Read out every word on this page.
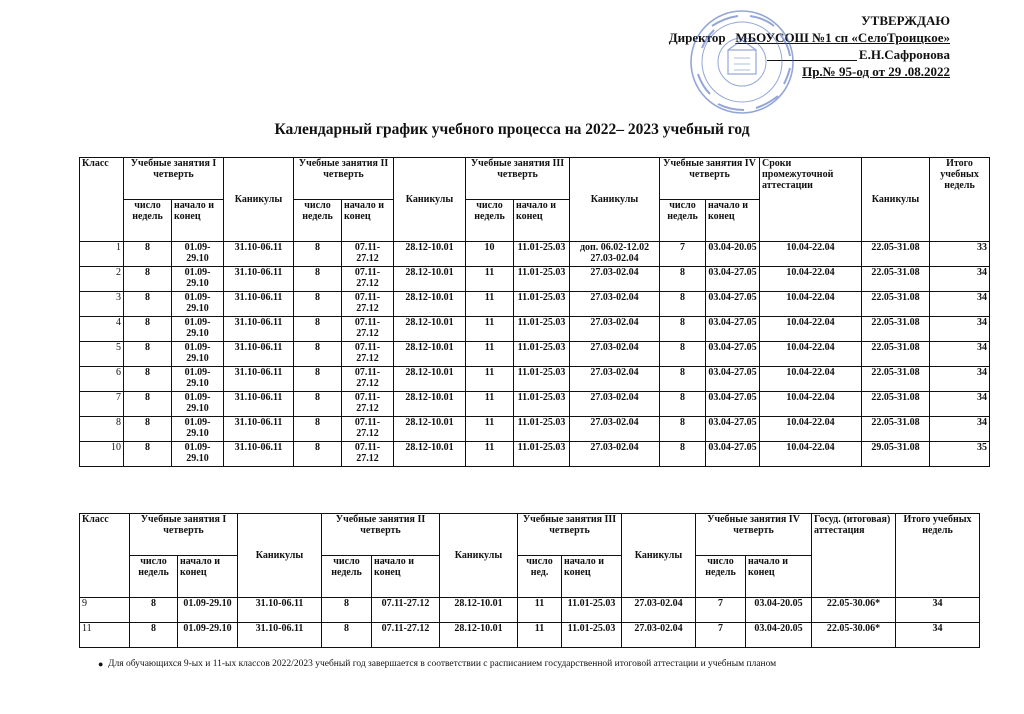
УТВЕРЖДАЮ
Директор МБОУСОШ №1 сп «СелоТроицкое»
Е.Н.Сафронова
Пр.№ 95-од от 29 .08.2022
Календарный график учебного процесса на 2022– 2023 учебный год
Класс	Учебные занятия I четверть		Каникулы	Учебные занятия II четверть		Каникулы	Учебные занятия III четверть		Каникулы	Учебные занятия IV четверть		Сроки промежуточной аттестации	Каникулы	Итого учебных недель
	число недель	начало и конец		число недель	начало и конец		число недель	начало и конец		число недель	начало и конец			
1	8	01.09-29.10	31.10-06.11	8	07.11-27.12	28.12-10.01	10	11.01-25.03	доп. 06.02-12.02 27.03-02.04	7	03.04-20.05	10.04-22.04	22.05-31.08	33
2	8	01.09-29.10	31.10-06.11	8	07.11-27.12	28.12-10.01	11	11.01-25.03	27.03-02.04	8	03.04-27.05	10.04-22.04	22.05-31.08	34
3	8	01.09-29.10	31.10-06.11	8	07.11-27.12	28.12-10.01	11	11.01-25.03	27.03-02.04	8	03.04-27.05	10.04-22.04	22.05-31.08	34
4	8	01.09-29.10	31.10-06.11	8	07.11-27.12	28.12-10.01	11	11.01-25.03	27.03-02.04	8	03.04-27.05	10.04-22.04	22.05-31.08	34
5	8	01.09-29.10	31.10-06.11	8	07.11-27.12	28.12-10.01	11	11.01-25.03	27.03-02.04	8	03.04-27.05	10.04-22.04	22.05-31.08	34
6	8	01.09-29.10	31.10-06.11	8	07.11-27.12	28.12-10.01	11	11.01-25.03	27.03-02.04	8	03.04-27.05	10.04-22.04	22.05-31.08	34
7	8	01.09-29.10	31.10-06.11	8	07.11-27.12	28.12-10.01	11	11.01-25.03	27.03-02.04	8	03.04-27.05	10.04-22.04	22.05-31.08	34
8	8	01.09-29.10	31.10-06.11	8	07.11-27.12	28.12-10.01	11	11.01-25.03	27.03-02.04	8	03.04-27.05	10.04-22.04	22.05-31.08	34
10	8	01.09-29.10	31.10-06.11	8	07.11-27.12	28.12-10.01	11	11.01-25.03	27.03-02.04	8	03.04-27.05	10.04-22.04	29.05-31.08	35
Класс	Учебные занятия I четверть		Каникулы	Учебные занятия II четверть		Каникулы	Учебные занятия III четверть		Каникулы	Учебные занятия IV четверть		Госуд. (итоговая) аттестация	Итого учебных недель
	число недель	начало и конец		число недель	начало и конец		число нед.	начало и конец		число недель	начало и конец		
9	8	01.09-29.10	31.10-06.11	8	07.11-27.12	28.12-10.01	11	11.01-25.03	27.03-02.04	7	03.04-20.05	22.05-30.06*	34
11	8	01.09-29.10	31.10-06.11	8	07.11-27.12	28.12-10.01	11	11.01-25.03	27.03-02.04	7	03.04-20.05	22.05-30.06*	34
● Для обучающихся 9-ых и 11-ых классов 2022/2023 учебный год завершается в соответствии с расписанием государственной итоговой аттестации и учебным планом
